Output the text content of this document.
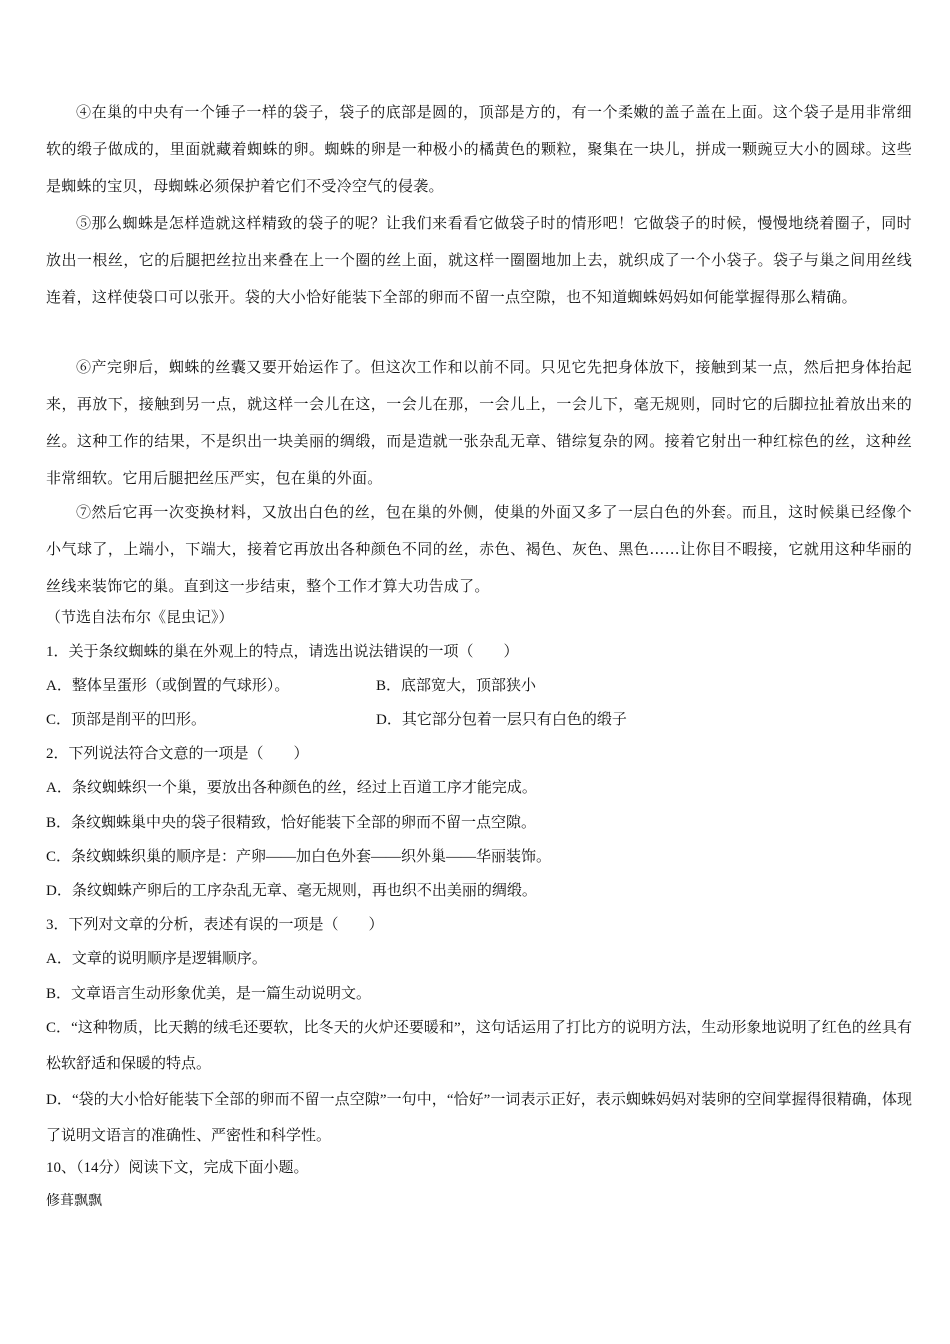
④在巢的中央有一个锤子一样的袋子，袋子的底部是圆的，顶部是方的，有一个柔嫩的盖子盖在上面。这个袋子是用非常细软的缎子做成的，里面就藏着蜘蛛的卵。蜘蛛的卵是一种极小的橘黄色的颗粒，聚集在一块儿，拼成一颗豌豆大小的圆球。这些是蜘蛛的宝贝，母蜘蛛必须保护着它们不受冷空气的侵袭。

⑤那么蜘蛛是怎样造就这样精致的袋子的呢？让我们来看看它做袋子时的情形吧！它做袋子的时候，慢慢地绕着圈子，同时放出一根丝，它的后腿把丝拉出来叠在上一个圈的丝上面，就这样一圈圈地加上去，就织成了一个小袋子。袋子与巢之间用丝线连着，这样使袋口可以张开。袋的大小恰好能装下全部的卵而不留一点空隙，也不知道蜘蛛妈妈如何能掌握得那么精确。

⑥产完卵后，蜘蛛的丝囊又要开始运作了。但这次工作和以前不同。只见它先把身体放下，接触到某一点，然后把身体抬起来，再放下，接触到另一点，就这样一会儿在这，一会儿在那，一会儿上，一会儿下，毫无规则，同时它的后脚拉扯着放出来的丝。这种工作的结果，不是织出一块美丽的绸缎，而是造就一张杂乱无章、错综复杂的网。接着它射出一种红棕色的丝，这种丝非常细软。它用后腿把丝压严实，包在巢的外面。

⑦然后它再一次变换材料，又放出白色的丝，包在巢的外侧，使巢的外面又多了一层白色的外套。而且，这时候巢已经像个小气球了，上端小，下端大，接着它再放出各种颜色不同的丝，赤色、褐色、灰色、黑色……让你目不暇接，它就用这种华丽的丝线来装饰它的巢。直到这一步结束，整个工作才算大功告成了。

（节选自法布尔《昆虫记》）

1．关于条纹蜘蛛的巢在外观上的特点，请选出说法错误的一项（　　）

A．整体呈蛋形（或倒置的气球形）。	B．底部宽大，顶部狭小

C．顶部是削平的凹形。	D．其它部分包着一层只有白色的缎子

2．下列说法符合文意的一项是（　　）

A．条纹蜘蛛织一个巢，要放出各种颜色的丝，经过上百道工序才能完成。

B．条纹蜘蛛巢中央的袋子很精致，恰好能装下全部的卵而不留一点空隙。

C．条纹蜘蛛织巢的顺序是：产卵——加白色外套——织外巢——华丽装饰。

D．条纹蜘蛛产卵后的工序杂乱无章、毫无规则，再也织不出美丽的绸缎。

3．下列对文章的分析，表述有误的一项是（　　）

A．文章的说明顺序是逻辑顺序。

B．文章语言生动形象优美，是一篇生动说明文。

C．“这种物质，比天鹅的绒毛还要软，比冬天的火炉还要暖和”，这句话运用了打比方的说明方法，生动形象地说明了红色的丝具有松软舒适和保暖的特点。

D．“袋的大小恰好能装下全部的卵而不留一点空隙”一句中，“恰好”一词表示正好，表示蜘蛛妈妈对装卵的空间掌握得很精确，体现了说明文语言的准确性、严密性和科学性。

10、（14分）阅读下文，完成下面小题。

修葺飘飘
